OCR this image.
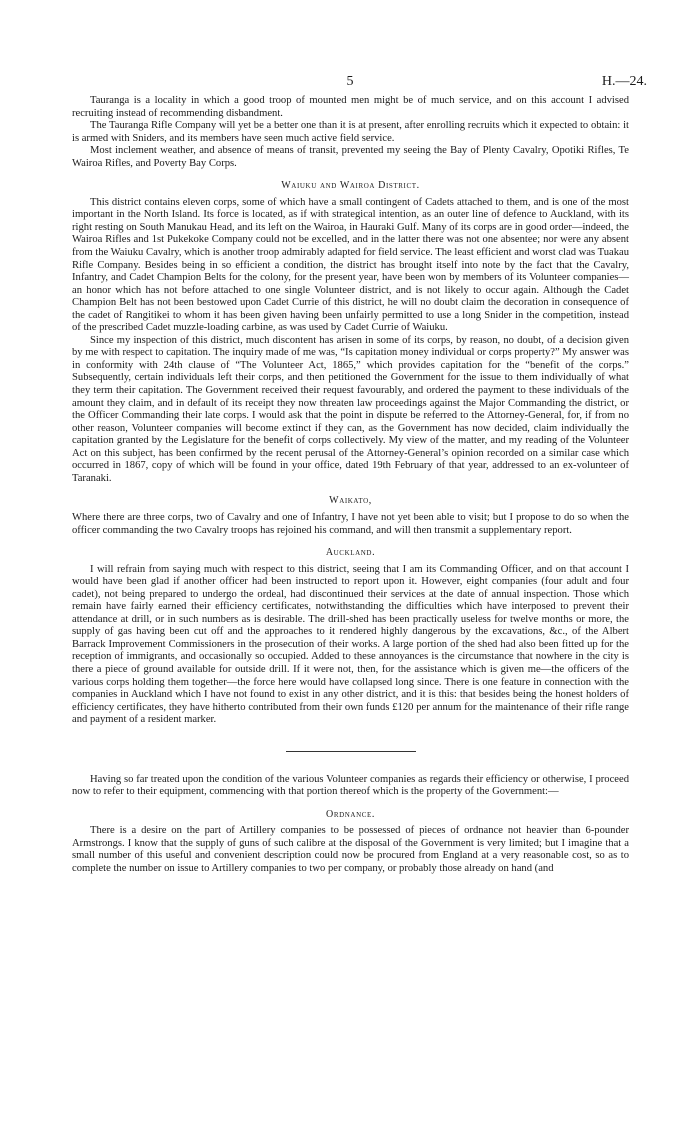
5	H.—24.

Tauranga is a locality in which a good troop of mounted men might be of much service, and on this account I advised recruiting instead of recommending disbandment.

The Tauranga Rifle Company will yet be a better one than it is at present, after enrolling recruits which it expected to obtain: it is armed with Sniders, and its members have seen much active field service.

Most inclement weather, and absence of means of transit, prevented my seeing the Bay of Plenty Cavalry, Opotiki Rifles, Te Wairoa Rifles, and Poverty Bay Corps.

Waiuku and Wairoa District.

This district contains eleven corps, some of which have a small contingent of Cadets attached to them, and is one of the most important in the North Island. Its force is located, as if with strategical intention, as an outer line of defence to Auckland, with its right resting on South Manukau Head, and its left on the Wairoa, in Hauraki Gulf. Many of its corps are in good order—indeed, the Wairoa Rifles and 1st Pukekoke Company could not be excelled, and in the latter there was not one absentee; nor were any absent from the Waiuku Cavalry, which is another troop admirably adapted for field service. The least efficient and worst clad was Tuakau Rifle Company. Besides being in so efficient a condition, the district has brought itself into note by the fact that the Cavalry, Infantry, and Cadet Champion Belts for the colony, for the present year, have been won by members of its Volunteer companies—an honor which has not before attached to one single Volunteer district, and is not likely to occur again. Although the Cadet Champion Belt has not been bestowed upon Cadet Currie of this district, he will no doubt claim the decoration in consequence of the cadet of Rangitikei to whom it has been given having been unfairly permitted to use a long Snider in the competition, instead of the prescribed Cadet muzzle-loading carbine, as was used by Cadet Currie of Waiuku.

Since my inspection of this district, much discontent has arisen in some of its corps, by reason, no doubt, of a decision given by me with respect to capitation. The inquiry made of me was, “Is capitation money individual or corps property?” My answer was in conformity with 24th clause of “The Volunteer Act, 1865,” which provides capitation for the “benefit of the corps.” Subsequently, certain individuals left their corps, and then petitioned the Government for the issue to them individually of what they term their capitation. The Government received their request favourably, and ordered the payment to these individuals of the amount they claim, and in default of its receipt they now threaten law proceedings against the Major Commanding the district, or the Officer Commanding their late corps. I would ask that the point in dispute be referred to the Attorney-General, for, if from no other reason, Volunteer companies will become extinct if they can, as the Government has now decided, claim individually the capitation granted by the Legislature for the benefit of corps collectively. My view of the matter, and my reading of the Volunteer Act on this subject, has been confirmed by the recent perusal of the Attorney-General’s opinion recorded on a similar case which occurred in 1867, copy of which will be found in your office, dated 19th February of that year, addressed to an ex-volunteer of Taranaki.

Waikato,

Where there are three corps, two of Cavalry and one of Infantry, I have not yet been able to visit; but I propose to do so when the officer commanding the two Cavalry troops has rejoined his command, and will then transmit a supplementary report.

Auckland.

I will refrain from saying much with respect to this district, seeing that I am its Commanding Officer, and on that account I would have been glad if another officer had been instructed to report upon it. However, eight companies (four adult and four cadet), not being prepared to undergo the ordeal, had discontinued their services at the date of annual inspection. Those which remain have fairly earned their efficiency certificates, notwithstanding the difficulties which have interposed to prevent their attendance at drill, or in such numbers as is desirable. The drill-shed has been practically useless for twelve months or more, the supply of gas having been cut off and the approaches to it rendered highly dangerous by the excavations, &c., of the Albert Barrack Improvement Commissioners in the prosecution of their works. A large portion of the shed had also been fitted up for the reception of immigrants, and occasionally so occupied. Added to these annoyances is the circumstance that nowhere in the city is there a piece of ground available for outside drill. If it were not, then, for the assistance which is given me—the officers of the various corps holding them together—the force here would have collapsed long since. There is one feature in connection with the companies in Auckland which I have not found to exist in any other district, and it is this: that besides being the honest holders of efficiency certificates, they have hitherto contributed from their own funds £120 per annum for the maintenance of their rifle range and payment of a resident marker.

Having so far treated upon the condition of the various Volunteer companies as regards their efficiency or otherwise, I proceed now to refer to their equipment, commencing with that portion thereof which is the property of the Government:—

Ordnance.

There is a desire on the part of Artillery companies to be possessed of pieces of ordnance not heavier than 6-pounder Armstrongs. I know that the supply of guns of such calibre at the disposal of the Government is very limited; but I imagine that a small number of this useful and convenient description could now be procured from England at a very reasonable cost, so as to complete the number on issue to Artillery companies to two per company, or probably those already on hand (and
